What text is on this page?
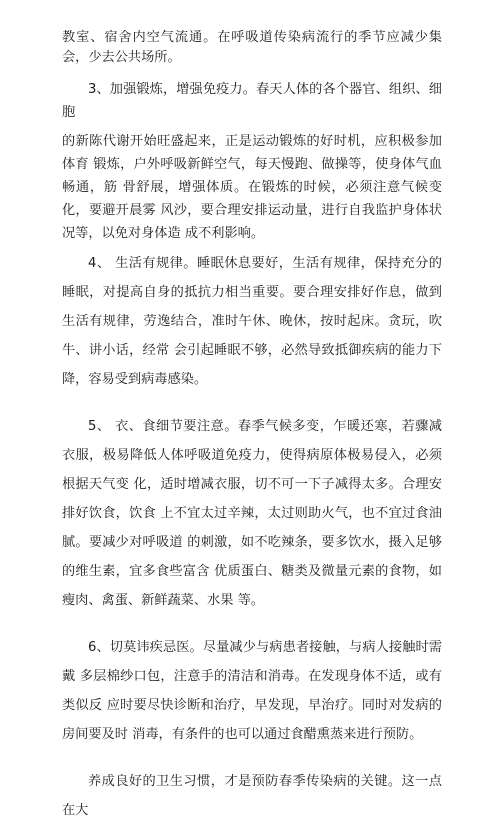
教室、宿舍内空气流通。在呼吸道传染病流行的季节应减少集会，少去公共场所。

3、加强锻炼，增强免疫力。春天人体的各个器官、组织、细胞

的新陈代谢开始旺盛起来，正是运动锻炼的好时机，应积极参加体育 锻炼，户外呼吸新鲜空气，每天慢跑、做操等，使身体气血畅通，筋 骨舒展，增强体质。在锻炼的时候，必须注意气候变化，要避开晨雾 风沙，要合理安排运动量，进行自我监护身体状况等，以免对身体造 成不利影响。

4、 生活有规律。睡眠休息要好，生活有规律，保持充分的睡眠，对提高自身的抵抗力相当重要。要合理安排好作息，做到生活有规律，劳逸结合，准时午休、晚休，按时起床。贪玩，吹牛、讲小话，经常 会引起睡眠不够，必然导致抵御疾病的能力下降，容易受到病毒感染。

5、 衣、食细节要注意。春季气候多变，乍暖还寒，若骤减衣服，极易降低人体呼吸道免疫力，使得病原体极易侵入，必须根据天气变 化，适时增减衣服，切不可一下子减得太多。合理安排好饮食，饮食 上不宜太过辛辣，太过则助火气，也不宜过食油腻。要减少对呼吸道 的刺激，如不吃辣条，要多饮水，摄入足够的维生素，宜多食些富含 优质蛋白、糖类及微量元素的食物，如瘦肉、禽蛋、新鲜蔬菜、水果 等。

6、切莫讳疾忌医。尽量减少与病患者接触，与病人接触时需戴 多层棉纱口包，注意手的清洁和消毒。在发现身体不适，或有类似反 应时要尽快诊断和治疗，早发现，早治疗。同时对发病的房间要及时 消毒，有条件的也可以通过食醋熏蒸来进行预防。

养成良好的卫生习惯，才是预防春季传染病的关键。这一点在大
